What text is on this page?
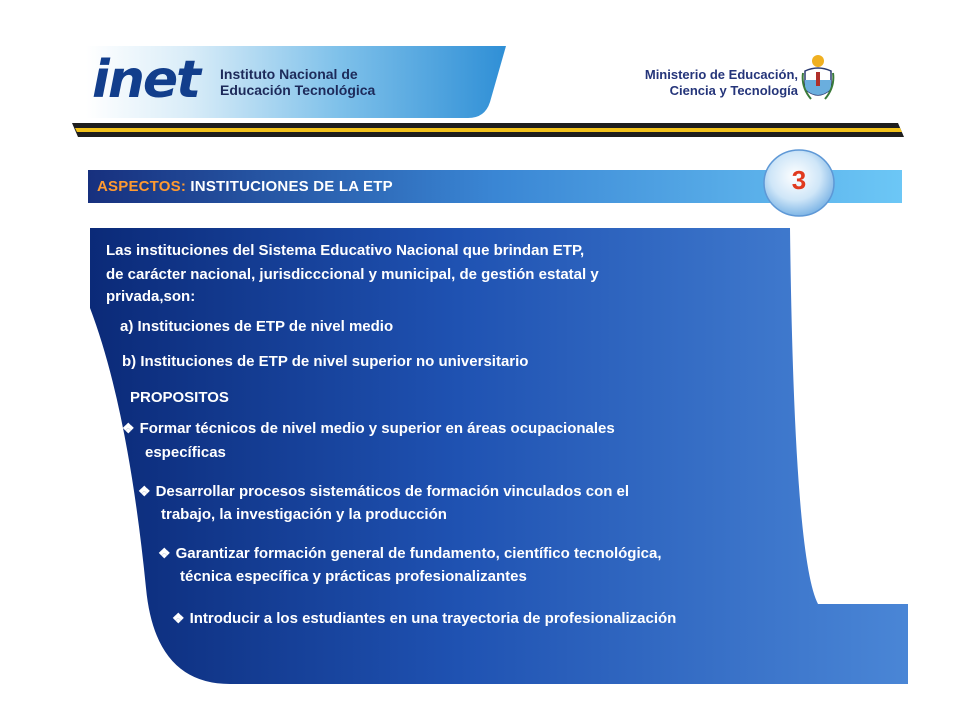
inet Instituto Nacional de
Educación Tecnológica
Ministerio de Educación,
Ciencia y Tecnología
ASPECTOS: INSTITUCIONES DE LA ETP	3
Las instituciones del Sistema Educativo Nacional que brindan ETP,
de carácter nacional, jurisdicccional y municipal, de gestión estatal y
privada,son:
a) Instituciones de ETP de nivel medio
b) Instituciones de ETP de nivel superior no universitario
PROPOSITOS
❖ Formar técnicos de nivel medio y superior en áreas ocupacionales
específicas
❖ Desarrollar procesos sistemáticos de formación vinculados con el
trabajo, la investigación y la producción
❖ Garantizar formación general de fundamento, científico tecnológica,
técnica específica y prácticas profesionalizantes
❖ Introducir a los estudiantes en una trayectoria de profesionalización
